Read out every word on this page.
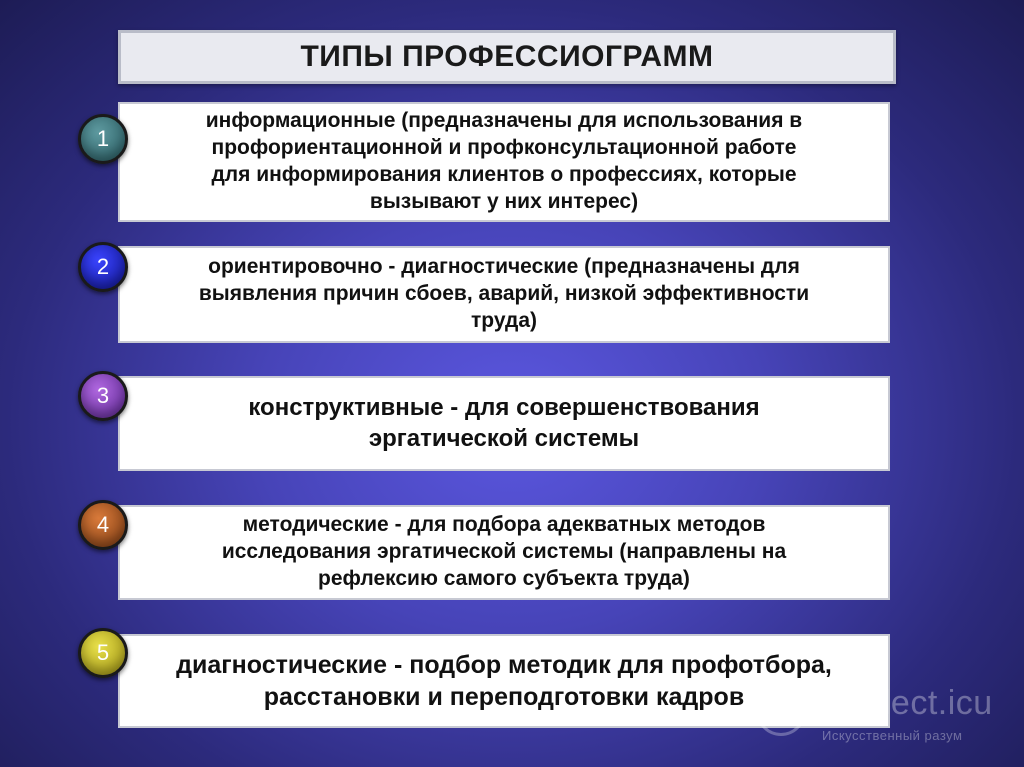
ТИПЫ ПРОФЕССИОГРАММ
информационные (предназначены для использования в
профориентационной и профконсультационной работе
для информирования клиентов о профессиях, которые
вызывают у них интерес)
1
ориентировочно - диагностические (предназначены для
выявления причин сбоев, аварий, низкой эффективности
труда)
2
конструктивные - для совершенствования
эргатической системы
3
методические - для подбора адекватных методов
исследования эргатической системы (направлены на
рефлексию самого субъекта труда)
4
диагностические - подбор методик для профотбора,
расстановки и переподготовки кадров
5
i intellect.icu
Искусственный разум
